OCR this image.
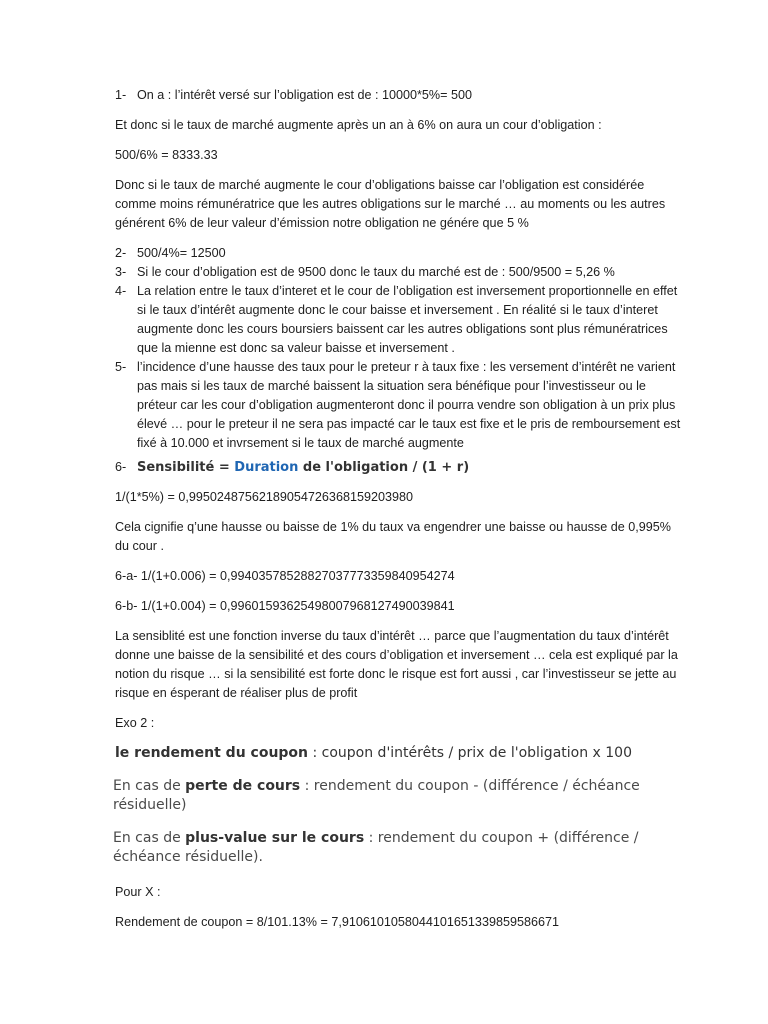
1- On a : l’intérêt versé sur l’obligation est de : 10000*5%= 500

Et donc si le taux de marché augmente après un an à 6% on aura un cour d’obligation :

500/6% = 8333.33

Donc si le taux de marché augmente le cour d’obligations baisse car l’obligation est considérée comme moins rémunératrice que les autres obligations sur le marché … au moments ou les autres générent 6% de leur valeur d’émission notre obligation ne génére que 5 %

2- 500/4%= 12500
3- Si le cour d’obligation est de 9500 donc le taux du marché est de : 500/9500 = 5,26 %
4- La relation entre le taux d’interet et le cour de l’obligation est inversement proportionnelle en effet si le taux d’intérêt augmente donc le cour baisse et inversement . En réalité si le taux d’interet augmente donc les cours boursiers baissent car les autres obligations sont plus rémunératrices que la mienne est donc sa valeur baisse et inversement .
5- l’incidence d’une hausse des taux pour le preteur r à taux fixe : les versement d’intérêt ne varient pas mais si les taux de marché baissent la situation sera bénéfique pour l’investisseur ou le préteur car les cour d’obligation augmenteront donc il pourra vendre son obligation à un prix plus élevé … pour le preteur il ne sera pas impacté car le taux est fixe et le pris de remboursement est fixé à 10.000 et invrsement si le taux de marché augmente
6- Sensibilité = Duration de l'obligation / (1 + r)

1/(1*5%) = 0,99502487562189054726368159203980

Cela cignifie q’une hausse ou baisse de 1% du taux va engendrer une baisse ou hausse de 0,995% du cour .

6-a- 1/(1+0.006) = 0,99403578528827037773359840954274

6-b- 1/(1+0.004) = 0,99601593625498007968127490039841

La sensiblité est une fonction inverse du taux d’intérêt … parce que l’augmentation du taux d’intérêt donne une baisse de la sensibilité et des cours d’obligation et inversement … cela est expliqué par la notion du risque … si la sensibilité est forte donc le risque est fort aussi , car l’investisseur se jette au risque en ésperant de réaliser plus de profit

Exo 2 :

le rendement du coupon : coupon d'intérêts / prix de l'obligation x 100
En cas de perte de cours : rendement du coupon - (différence / échéance résiduelle)
En cas de plus-value sur le cours : rendement du coupon + (différence / échéance résiduelle).

Pour X :

Rendement de coupon = 8/101.13% = 7,9106101058044101651339859586671
